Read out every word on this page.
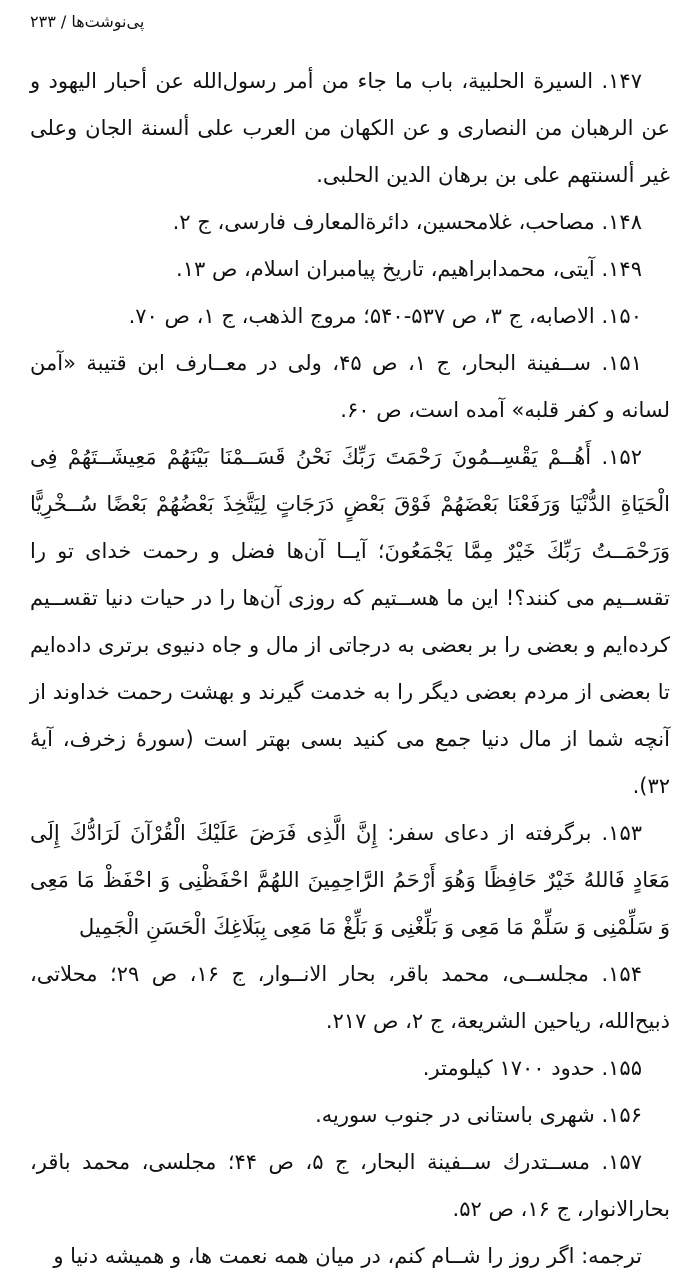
پی‌نوشت‌ها / ۲۳۳

۱۴۷. السيرة الحلبية، باب ما جاء من أمر رسول‌الله عن أحبار اليهود و عن الرهبان من النصارى و عن الكهان من العرب على ألسنة الجان وعلى غير ألسنتهم على بن برهان الدين الحلبى.

۱۴۸. مصاحب، غلامحسین، دائرةالمعارف فارسی، ج ۲.

۱۴۹. آیتی، محمدابراهیم، تاریخ پیامبران اسلام، ص ۱۳.

۱۵۰. الاصابه، ج ۳، ص ۵۳۷-۵۴۰؛ مروج الذهب، ج ۱، ص ۷۰.

۱۵۱. ســفينة البحار، ج ۱، ص ۴۵، ولی در معــارف ابن قتیبة «آمن لسانه و كفر قلبه» آمده است، ص ۶۰.

۱۵۲. أَهُــمْ يَقْسِــمُونَ رَحْمَتَ رَبِّكَ نَحْنُ قَسَــمْنَا بَيْنَهُمْ مَعِيشَــتَهُمْ فِى الْحَيَاةِ الدُّنْيَا وَرَفَعْنَا بَعْضَهُمْ فَوْقَ بَعْضٍ دَرَجَاتٍ لِيَتَّخِذَ بَعْضُهُمْ بَعْضًا سُــخْرِيًّا وَرَحْمَــتُ رَبِّكَ خَيْرٌ مِمَّا يَجْمَعُونَ؛ آیــا آن‌ها فضل و رحمت خدای تو را تقســیم می کنند؟! این ما هســتیم که روزی آن‌ها را در حیات دنیا تقســیم کرده‌ایم و بعضی را بر بعضی به درجاتی از مال و جاه دنیوی برتری داده‌ایم تا بعضی از مردم بعضی دیگر را به خدمت گیرند و بهشت رحمت خداوند از آنچه شما از مال دنیا جمع می کنید بسی بهتر است (سورهٔ زخرف، آیهٔ ۳۲).

۱۵۳. برگرفته از دعای سفر: إِنَّ الَّذِى فَرَضَ عَلَيْكَ الْقُرْآنَ لَرَادُّكَ إِلَى مَعَادٍ فَاللهُ خَيْرٌ حَافِظًا وَهُوَ أَرْحَمُ الرَّاحِمِينَ اللهُمَّ احْفَظْنِى وَ احْفَظْ مَا مَعِى وَ سَلِّمْنِى وَ سَلِّمْ مَا مَعِى وَ بَلِّغْنِى وَ بَلِّغْ مَا مَعِى بِبَلَاغِكَ الْحَسَنِ الْجَمِيل

۱۵۴. مجلســی، محمد باقر، بحار الانــوار، ج ۱۶، ص ۲۹؛ محلاتی، ذبیح‌الله، ریاحین الشریعة، ج ۲، ص ۲۱۷.

۱۵۵. حدود ۱۷۰۰ کیلومتر.

۱۵۶. شهری باستانی در جنوب سوریه.

۱۵۷. مســتدرك ســفينة البحار، ج ۵، ص ۴۴؛ مجلسی، محمد باقر، بحارالانوار، ج ۱۶، ص ۵۲.

ترجمه: اگر روز را شــام کنم، در میان همه نعمت ها، و همیشه دنیا و
